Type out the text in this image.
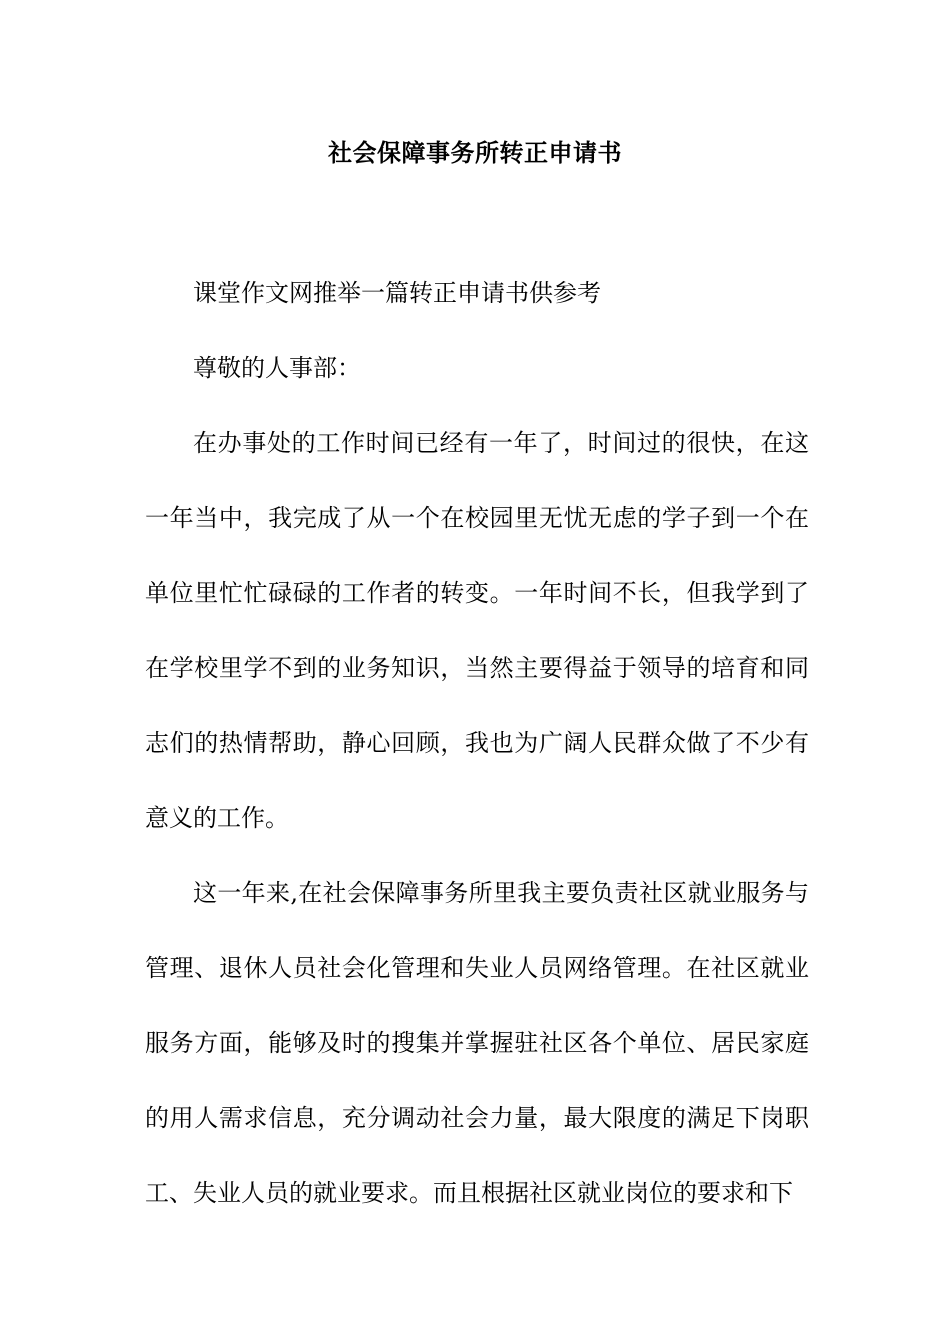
社会保障事务所转正申请书

课堂作文网推举一篇转正申请书供参考

尊敬的人事部：

在办事处的工作时间已经有一年了，时间过的很快，在这一年当中，我完成了从一个在校园里无忧无虑的学子到一个在单位里忙忙碌碌的工作者的转变。一年时间不长，但我学到了在学校里学不到的业务知识，当然主要得益于领导的培育和同志们的热情帮助，静心回顾，我也为广阔人民群众做了不少有意义的工作。

这一年来,在社会保障事务所里我主要负责社区就业服务与管理、退休人员社会化管理和失业人员网络管理。在社区就业服务方面，能够及时的搜集并掌握驻社区各个单位、居民家庭的用人需求信息，充分调动社会力量，最大限度的满足下岗职工、失业人员的就业要求。而且根据社区就业岗位的要求和下
